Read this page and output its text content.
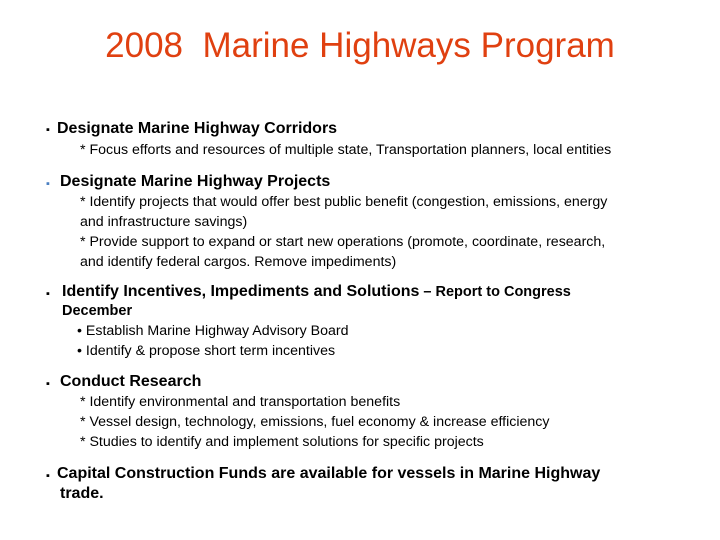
2008  Marine Highways Program
▪ Designate Marine Highway Corridors
* Focus efforts and resources of multiple state, Transportation planners, local entities
▪ Designate Marine Highway Projects
* Identify projects that would offer best public benefit (congestion, emissions, energy
and infrastructure savings)
* Provide support to expand or start new operations (promote, coordinate, research,
and identify federal cargos. Remove impediments)
▪ Identify Incentives, Impediments and Solutions – Report to Congress
December
• Establish Marine Highway Advisory Board
• Identify & propose short term incentives
▪ Conduct Research
* Identify environmental and transportation benefits
* Vessel design, technology, emissions, fuel economy & increase efficiency
* Studies to identify and implement solutions for specific projects
▪ Capital Construction Funds are available for vessels in Marine Highway
trade.
